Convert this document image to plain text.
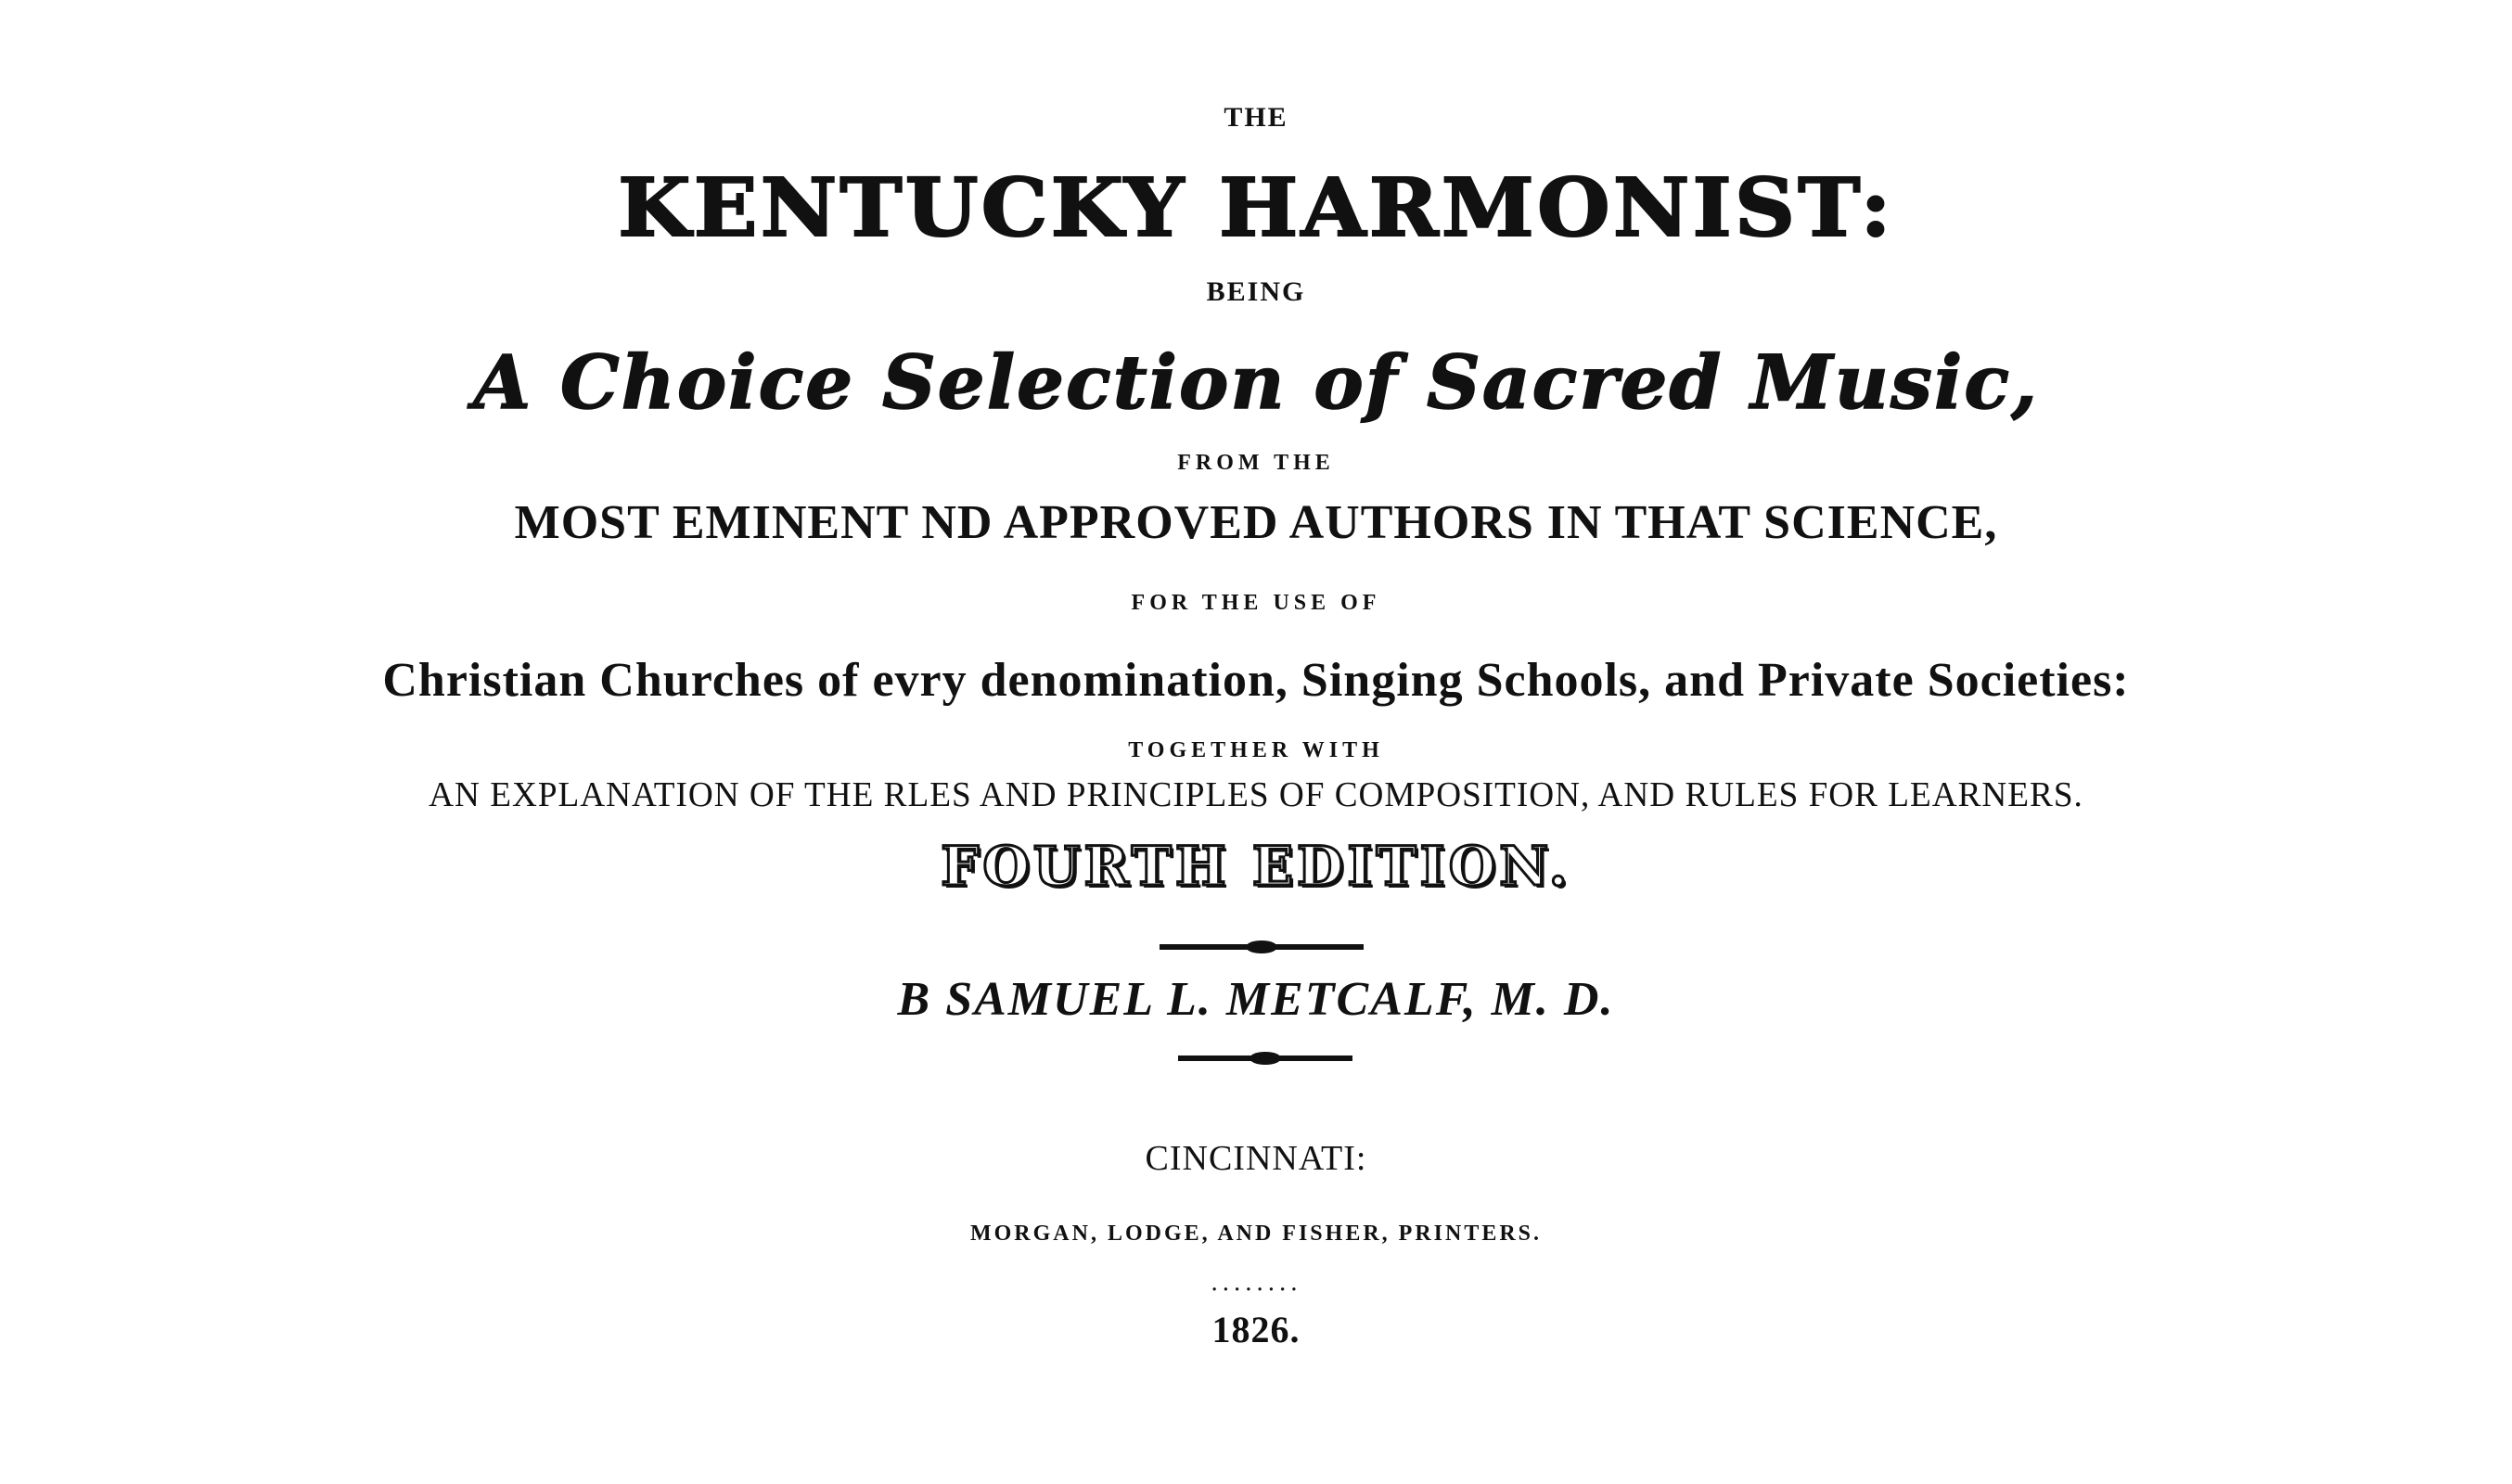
THE
KENTUCKY HARMONIST:
BEING
A Choice Selection of Sacred Music,
FROM THE
MOST EMINENT ND APPROVED AUTHORS IN THAT SCIENCE,
FOR THE USE OF
Christian Churches of evry denomination, Singing Schools, and Private Societies:
TOGETHER WITH
AN EXPLANATION OF THE RLES AND PRINCIPLES OF COMPOSITION, AND RULES FOR LEARNERS.
FOURTH EDITION.
B SAMUEL L. METCALF, M. D.
CINCINNATI:
MORGAN, LODGE, AND FISHER, PRINTERS.
........
1826.
